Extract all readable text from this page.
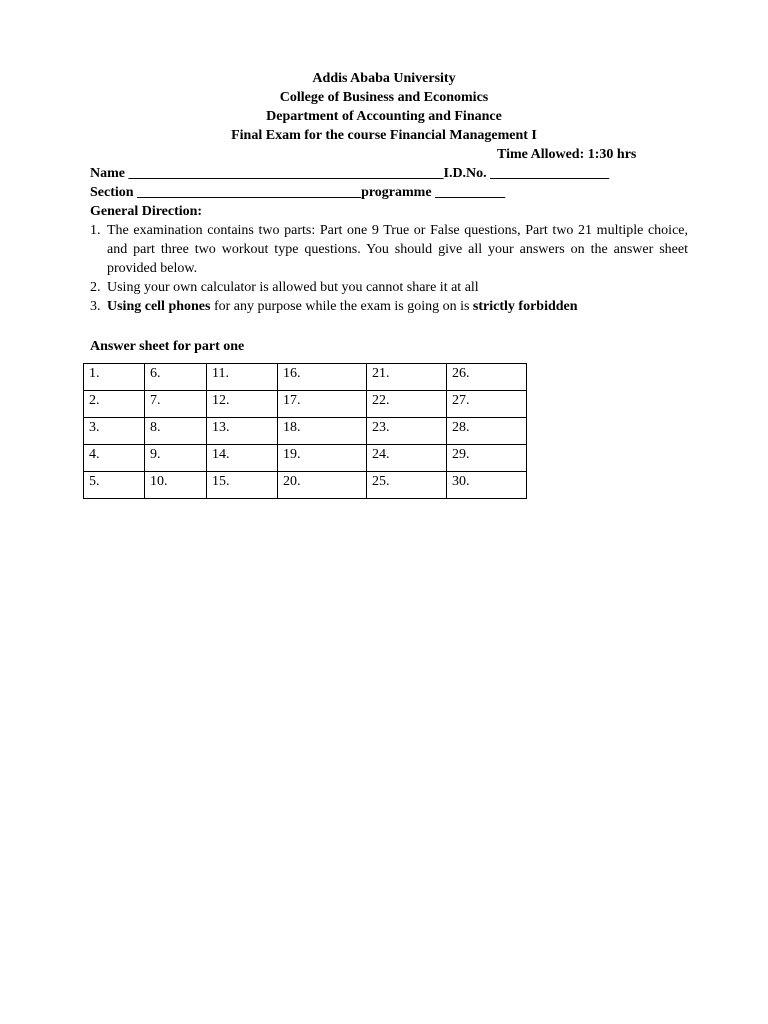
Addis Ababa University
College of Business and Economics
Department of Accounting and Finance
Final Exam for the course Financial Management I
Time Allowed: 1:30 hrs
Name _____________________________________________I.D.No. _________________
Section ________________________________programme __________
General Direction:
1. The examination contains two parts: Part one 9 True or False questions, Part two 21 multiple choice, and part three two workout type questions. You should give all your answers on the answer sheet provided below.
2. Using your own calculator is allowed but you cannot share it at all
3. Using cell phones for any purpose while the exam is going on is strictly forbidden
Answer sheet for part one
1.	6.	11.	16.	21.	26.
2.	7.	12.	17.	22.	27.
3.	8.	13.	18.	23.	28.
4.	9.	14.	19.	24.	29.
5.	10.	15.	20.	25.	30.
